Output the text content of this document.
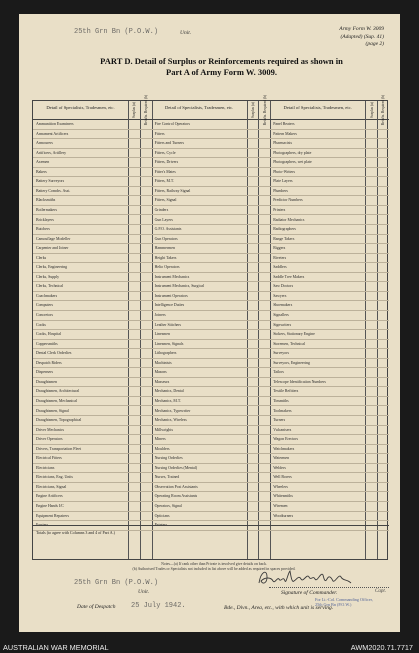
25th Grn Bn (P.O.W.)	Unit.
Army Form W. 3009
(Adapted) (Sup. 41)
(page 2)
PART D. Detail of Surplus or Reinforcements required as shown in
Part A of Army Form W. 3009.
Detail of Specialists, Tradesmen, etc.	Surplus (a) Reinfts. Required (b)
Ammunition Examiners
Armament Artificers
Armourers
Artificers, Artillery
Axemen
Bakers
Battery Surveyors
Battery Comdrs. Asst.
Blacksmiths
Boilermakers
Bricklayers
Butchers
Camouflage Modeller
Carpenter and Joiner
Clerks
Clerks, Engineering
Clerks, Supply
Clerks, Technical
Coachmakers
Computers
Concretors
Cooks
Cooks, Hospital
Coppersmiths
Dental Clerk Orderlies
Despatch Riders
Dispensers
Draughtsmen
Draughtsmen, Architectural
Draughtsmen, Mechanical
Draughtsmen, Signal
Draughtsmen, Topographical
Driver Mechanics
Driver Operators
Drivers, Transportation Fleet
Electrical Fitters
Electricians
Electricians, Eng. Units
Electricians, Signal
Engine Artificers
Engine Hands I/C
Equipment Repairers
Farriers
Detail of Specialists, Tradesmen, etc.	Surplus (a) Reinfts. Required (b)
Fire Control Operators
Fitters
Fitters and Turners
Fitters, Cycle
Fitters, Drivers
Fitter's Mates
Fitters, M.T.
Fitters, Railway Signal
Fitters, Signal
Grinders
Gun Layers
G.P.O. Assistants
Gun Operators
Hammermen
Height Takers
Helio Operators
Instrument Mechanics
Instrument Mechanics, Surgical
Instrument Operators
Intelligence Duties
Joiners
Leather Stitchers
Linesmen
Linesmen, Signals
Lithographers
Machinists
Masons
Masseurs
Mechanics, Dental
Mechanics, M.T.
Mechanics, Typewriter
Mechanics, Wireless
Millwrights
Miners
Moulders
Nursing Orderlies
Nursing Orderlies (Mental)
Nurses, Trained
Observation Post Assistants
Operating Room Assistants
Operators, Signal
Opticians
Painters
Detail of Specialists, Tradesmen, etc.	Surplus (a) Reinfts. Required (b)
Panel Beaters
Pattern Makers
Pharmacists
Photographers, dry plate
Photographers, wet plate
Photo-Writers
Plate Layers
Plumbers
Predictor Numbers
Printers
Radiator Mechanics
Radiographers
Range Takers
Riggers
Riveters
Saddlers
Saddle Tree Makers
Saw Doctors
Sawyers
Shoemakers
Signallers
Signwriters
Stokers, Stationary Engine
Storemen, Technical
Surveyors
Surveyors, Engineering
Tailors
Telescope Identification Numbers
Textile Refitters
Tinsmiths
Toolmakers
Turners
Vulcanisers
Wagon Erectors
Watchmakers
Watermen
Welders
Well Borers
Wheelers
Whitesmiths
Wiremen
Woodturners
Totals (to agree with Columns 3 and 4 of Part A.)
Notes—(a) If rank other than Private is involved give details on back.
(b) Authorised Trades or Specialists not included in list above will be added as required in spaces provided.
25th Grn Bn (P.O.W.)
Unit.	Signature of Commander.	Capt.
For Lt.-Col. Commanding Officer,
25th Grn Bn (P.O.W.)
Date of Despatch 25 July 1942.	Bde., Divn., Area, etc., with which unit is serving.
AUSTRALIAN WAR MEMORIAL	AWM2020.71.7717
